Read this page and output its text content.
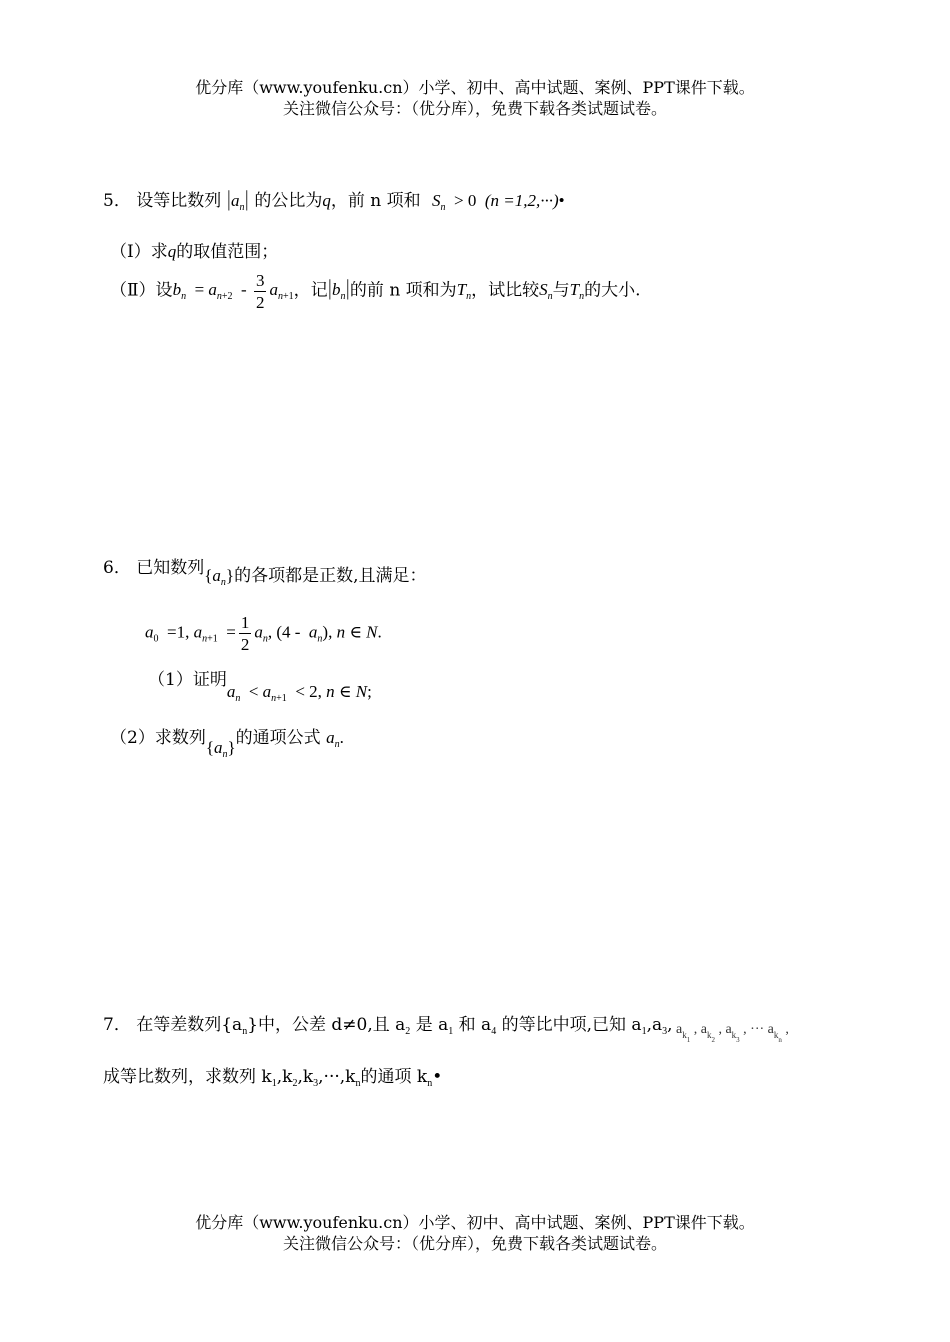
优分库（www.youfenku.cn）小学、初中、高中试题、案例、PPT课件下载。
关注微信公众号：（优分库），免费下载各类试题试卷。
5． 设等比数列 $|a_n|$ 的公比为q，前 n 项和 $S_n > 0$  (n =1,2,···)•
（Ⅰ）求q的取值范围；
（Ⅱ）设$b_n = a_{n+2} - \frac{3}{2} a_{n+1}$，记$|b_n|$的前 n 项和为$T_n$，试比较$S_n$与$T_n$的大小.
6． 已知数列$\{a_n\}$的各项都是正数,且满足：
$a_0 =1$, $a_{n+1} = \frac{1}{2} a_n$, $(4 - a_n)$, n ∈ N.
（1）证明$a_n < a_{n+1} < 2$, n ∈ N;
（2）求数列$\{a_n\}$的通项公式 $a_n$.
7． 在等差数列$\{a_n\}$中，公差 d≠0,且 $a_2$ 是 $a_1$ 和 $a_4$ 的等比中项,已知 $a_1,a_3$, $a_{k_1}$ , $a_{k_2}$ , $a_{k_3}$ , ··· $a_{k_n}$ ,
成等比数列，求数列 $k_1,k_2,k_3,\cdot\cdot\cdot,k_n$的通项 $k_n•$
优分库（www.youfenku.cn）小学、初中、高中试题、案例、PPT课件下载。
关注微信公众号：（优分库），免费下载各类试题试卷。
